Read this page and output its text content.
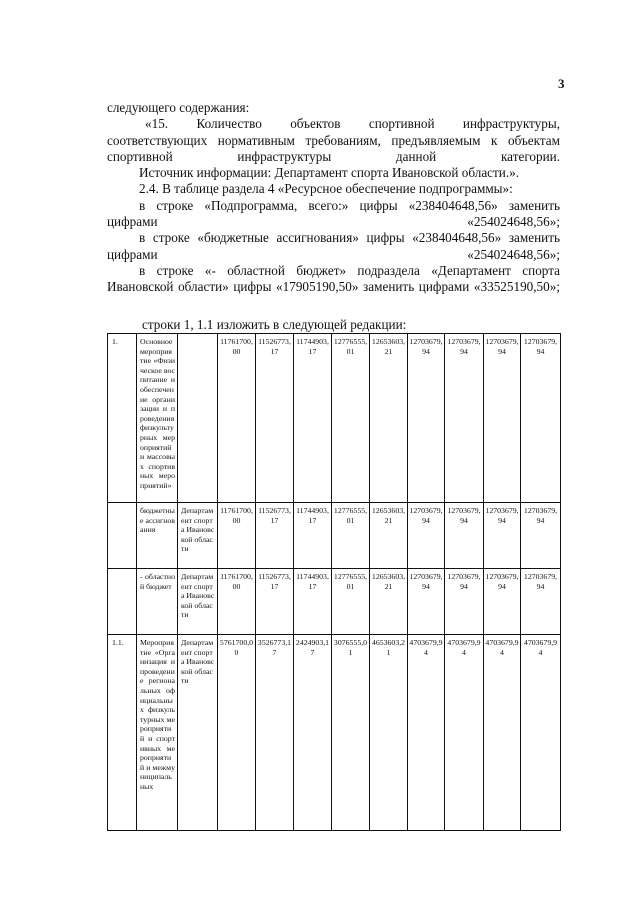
3

следующего содержания:

«15. Количество объектов спортивной инфраструктуры, соответствующих нормативным требованиям, предъявляемым к объектам спортивной инфраструктуры данной категории.

Источник информации: Департамент спорта Ивановской области.».

2.4. В таблице раздела 4 «Ресурсное обеспечение подпрограммы»:

в строке «Подпрограмма, всего:» цифры «238404648,56» заменить цифрами «254024648,56»;

в строке «бюджетные ассигнования» цифры «238404648,56» заменить цифрами «254024648,56»;

в строке «- областной бюджет» подраздела «Департамент спорта Ивановской области» цифры «17905190,50» заменить цифрами «33525190,50»;

строки 1, 1.1 изложить в следующей редакции:
1.	Основное мероприятие «Физическое воспитание и обеспечение организации и проведения физкультурных мероприятий и массовых спортивных мероприятий»		11761700,00	11526773,17	11744903,17	12776555,01	12653603,21	12703679,94	12703679,94	12703679,94	12703679,94
	бюджетные ассигнования	Департамент спорта Ивановской области	11761700,00	11526773,17	11744903,17	12776555,01	12653603,21	12703679,94	12703679,94	12703679,94	12703679,94
	- областной бюджет	Департамент спорта Ивановской области	11761700,00	11526773,17	11744903,17	12776555,01	12653603,21	12703679,94	12703679,94	12703679,94	12703679,94
1.1.	Мероприятие «Организация и проведение региональных официальных физкультурных мероприятий и спортивных мероприятий и межмуниципальных	Департамент спорта Ивановской области	5761700,00	3526773,17	2424903,17	3076555,01	4653603,21	4703679,94	4703679,94	4703679,94	4703679,94
